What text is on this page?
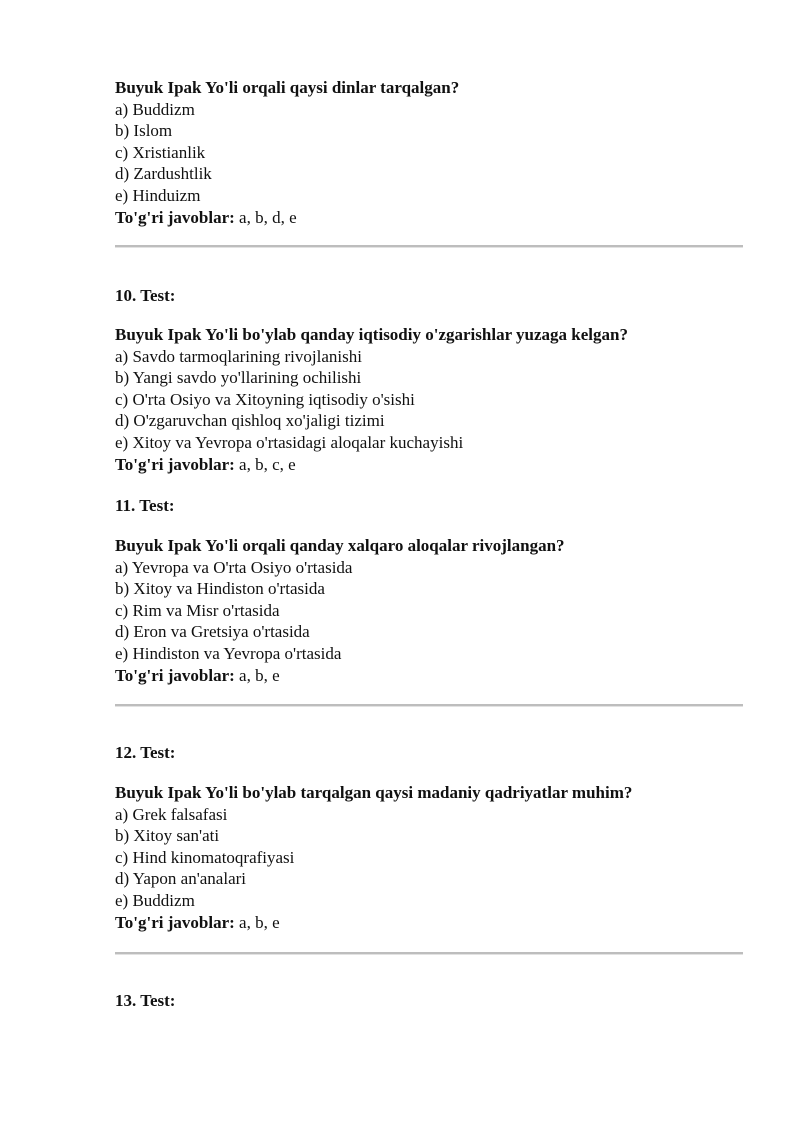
Buyuk Ipak Yo'li orqali qaysi dinlar tarqalgan?
a) Buddizm
b) Islom
c) Xristianlik
d) Zardushtlik
e) Hinduizm
To'g'ri javoblar: a, b, d, e
10. Test:
Buyuk Ipak Yo'li bo'ylab qanday iqtisodiy o'zgarishlar yuzaga kelgan?
a) Savdo tarmoqlarining rivojlanishi
b) Yangi savdo yo'llarining ochilishi
c) O'rta Osiyo va Xitoyning iqtisodiy o'sishi
d) O'zgaruvchan qishloq xo'jaligi tizimi
e) Xitoy va Yevropa o'rtasidagi aloqalar kuchayishi
To'g'ri javoblar: a, b, c, e
11. Test:
Buyuk Ipak Yo'li orqali qanday xalqaro aloqalar rivojlangan?
a) Yevropa va O'rta Osiyo o'rtasida
b) Xitoy va Hindiston o'rtasida
c) Rim va Misr o'rtasida
d) Eron va Gretsiya o'rtasida
e) Hindiston va Yevropa o'rtasida
To'g'ri javoblar: a, b, e
12. Test:
Buyuk Ipak Yo'li bo'ylab tarqalgan qaysi madaniy qadriyatlar muhim?
a) Grek falsafasi
b) Xitoy san'ati
c) Hind kinomatoqrafiyasi
d) Yapon an'analari
e) Buddizm
To'g'ri javoblar: a, b, e
13. Test:
